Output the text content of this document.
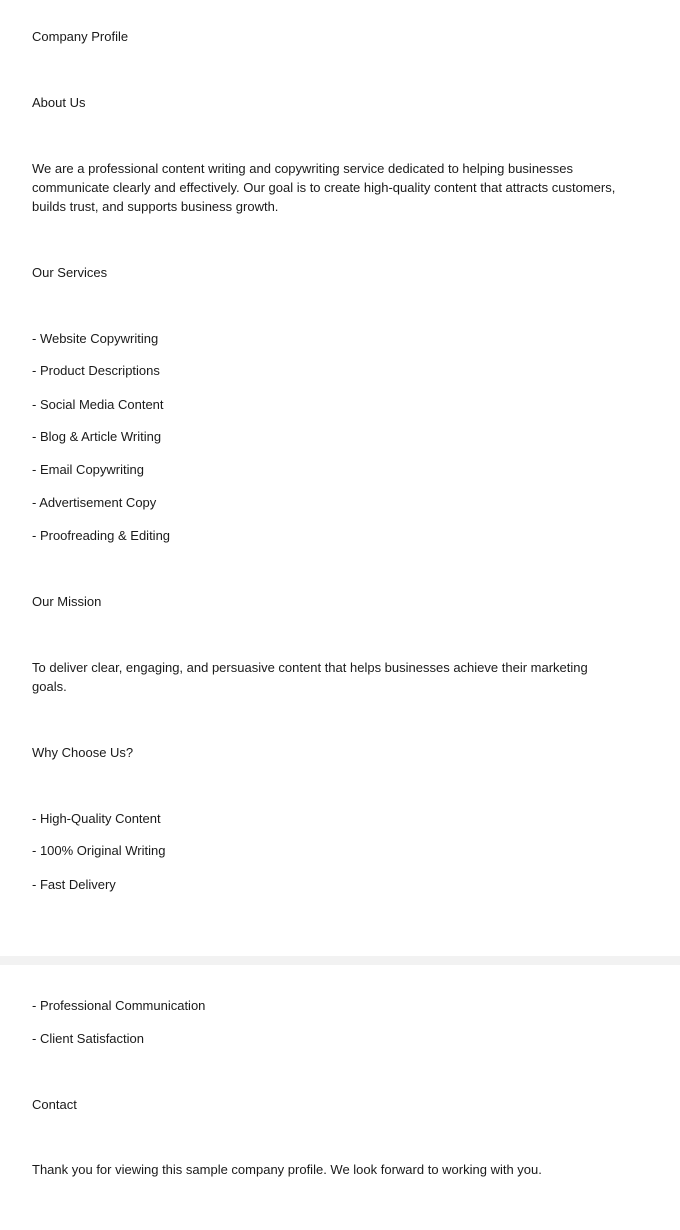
Company Profile
About Us
We are a professional content writing and copywriting service dedicated to helping businesses
communicate clearly and effectively. Our goal is to create high-quality content that attracts customers,
builds trust, and supports business growth.
Our Services
- Website Copywriting
- Product Descriptions
- Social Media Content
- Blog & Article Writing
- Email Copywriting
- Advertisement Copy
- Proofreading & Editing
Our Mission
To deliver clear, engaging, and persuasive content that helps businesses achieve their marketing
goals.
Why Choose Us?
- High-Quality Content
- 100% Original Writing
- Fast Delivery
- Professional Communication
- Client Satisfaction
Contact
Thank you for viewing this sample company profile. We look forward to working with you.
